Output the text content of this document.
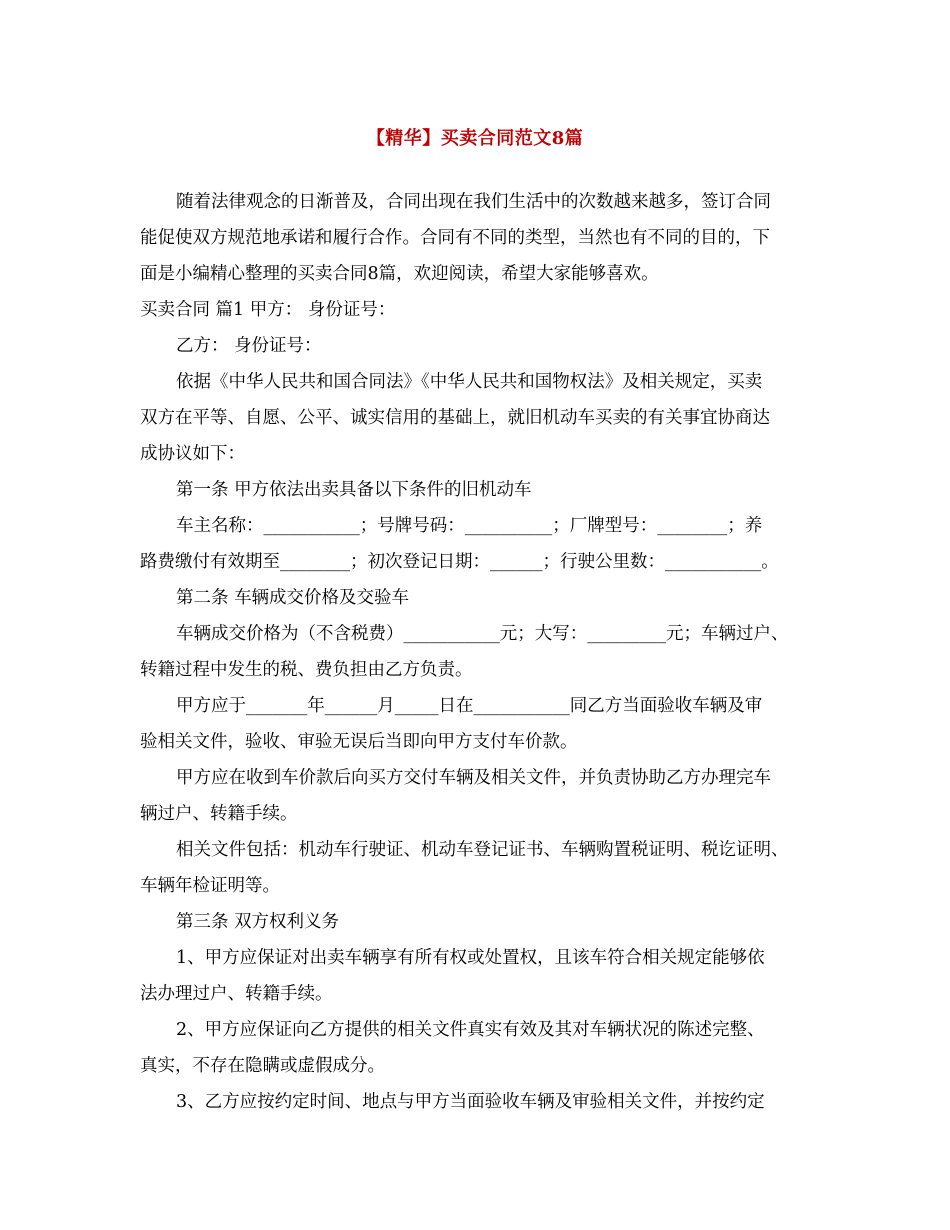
【精华】买卖合同范文8篇
随着法律观念的日渐普及，合同出现在我们生活中的次数越来越多，签订合同
能促使双方规范地承诺和履行合作。合同有不同的类型，当然也有不同的目的，下
面是小编精心整理的买卖合同8篇，欢迎阅读，希望大家能够喜欢。
买卖合同 篇1 甲方： 身份证号：
乙方： 身份证号：
依据《中华人民共和国合同法》《中华人民共和国物权法》及相关规定，买卖
双方在平等、自愿、公平、诚实信用的基础上，就旧机动车买卖的有关事宜协商达
成协议如下：
第一条 甲方依法出卖具备以下条件的旧机动车
车主名称：___________；号牌号码：__________；厂牌型号：________；养
路费缴付有效期至________；初次登记日期：______；行驶公里数：___________。
第二条 车辆成交价格及交验车
车辆成交价格为（不含税费）___________元；大写：_________元；车辆过户、
转籍过程中发生的税、费负担由乙方负责。
甲方应于_______年______月_____日在___________同乙方当面验收车辆及审
验相关文件，验收、审验无误后当即向甲方支付车价款。
甲方应在收到车价款后向买方交付车辆及相关文件，并负责协助乙方办理完车
辆过户、转籍手续。
相关文件包括：机动车行驶证、机动车登记证书、车辆购置税证明、税讫证明、
车辆年检证明等。
第三条 双方权利义务
1、甲方应保证对出卖车辆享有所有权或处置权，且该车符合相关规定能够依
法办理过户、转籍手续。
2、甲方应保证向乙方提供的相关文件真实有效及其对车辆状况的陈述完整、
真实，不存在隐瞒或虚假成分。
3、乙方应按约定时间、地点与甲方当面验收车辆及审验相关文件，并按约定
